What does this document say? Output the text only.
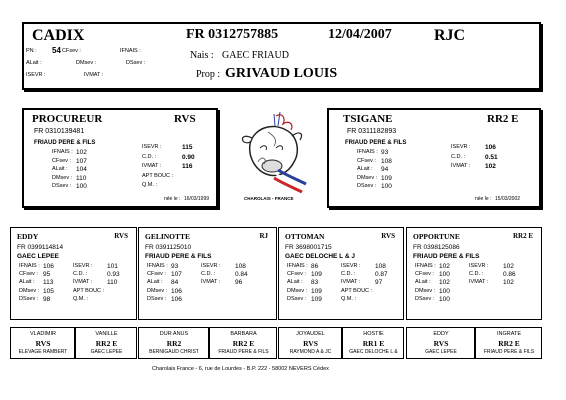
CADIX	FR 0312757885	12/04/2007	RJC
PN : 54 CFsev :	IFNAIS :
ALait :	DMsev :	DSsev :
ISEVR :	IVMAT :
Nais : GAEC FRIAUD
Prop : GRIVAUD LOUIS
PROCUREUR	RVS
FR 0310139481
FRIAUD PERE & FILS
IFNAIS : 102
CFsev : 107
ALait :	104
DMsev : 110
DSsev : 100
ISEVR :	115
C.D. :	0.90
IVMAT :	116
APT BOUC :
Q.M. :
née le : 16/03/1999	CHAROLAIS - FRANCE
TSIGANE	RR2 E
FR 0311182893
FRIAUD PERE & FILS
IFNAIS : 93
CFsev : 108
ALait :	94
DMsev : 109
DSsev : 100
ISEVR :	106
C.D. :	0.51
IVMAT :	102
née le : 15/03/2002
EDDY	RVS
FR 0399114814
GAEC LEPEE
IFNAIS : 106
CFsev : 95
ALait :	113
DMsev : 105
DSsev : 98
ISEVR :	101
C.D. :	0.93
IVMAT :	110
APT BOUC :
Q.M. :
GELINOTTE	RJ
FR 0391125010
FRIAUD PERE & FILS
IFNAIS : 93
CFsev : 107
ALait :	84
DMsev : 106
DSsev : 106
ISEVR :	108
C.D. :	0.84
IVMAT :	96
OTTOMAN	RVS
FR 3698001715
GAEC DELOCHE L & J
IFNAIS : 86
CFsev : 109
ALait :	83
DMsev : 109
DSsev : 109
ISEVR :	108
C.D. :	0.87
IVMAT :	97
APT BOUC :
Q.M. :
OPPORTUNE	RR2 E
FR 0398125086
FRIAUD PERE & FILS
IFNAIS : 102
CFsev : 100
ALait :	102
DMsev : 100
DSsev : 100
ISEVR :	102
C.D. :	0.86
IVMAT :	102
VLADIMIR
RVS
ELEVAGE RAMBERT
VANILLE
RR2 E
GAEC LEPEE
DUR ANUS
RR2
BERNIGAUD CHRIST
BARBARA
RR2 E
FRIAUD PERE & FILS
JOYAUDEL
RVS
RAYMOND A & JC
HOSTIE
RR1 E
GAEC DELOCHE L &
EDDY
RVS
GAEC LEPEE
INGRATE
RR2 E
FRIAUD PERE & FILS
Charolais France - 6, rue de Lourdes - B.P. 222 - 58002 NEVERS Cédex
